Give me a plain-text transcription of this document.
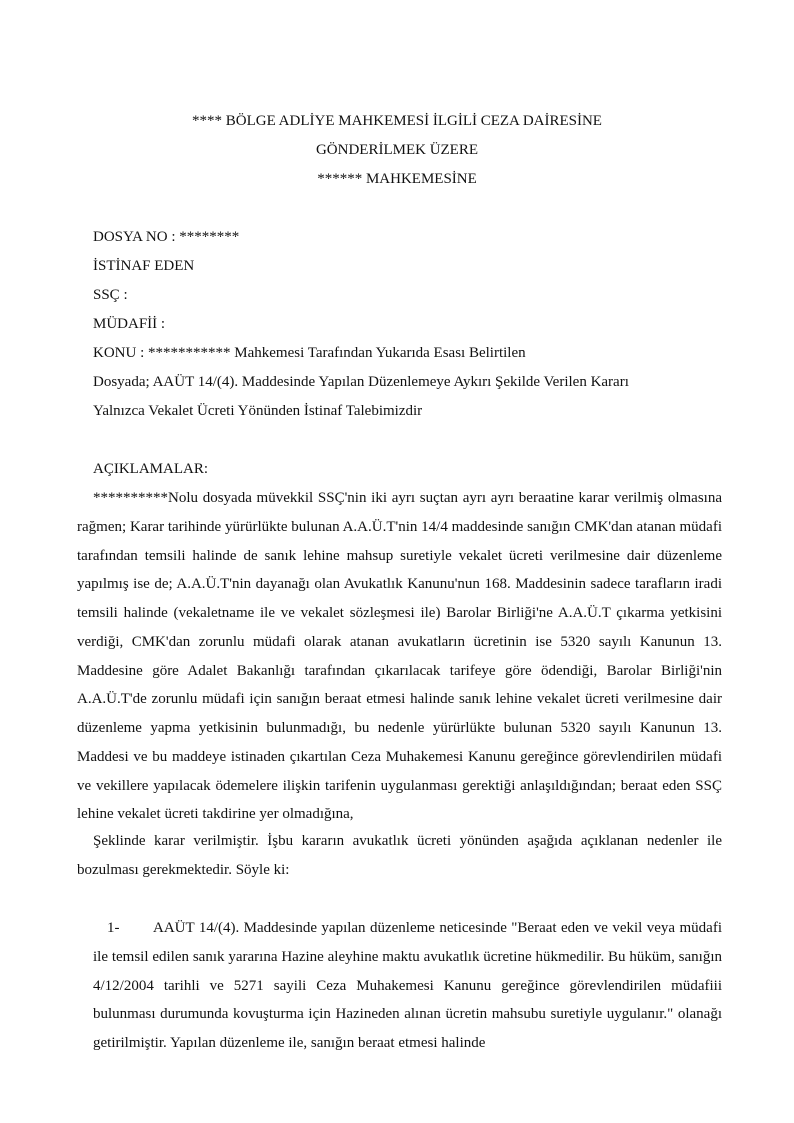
**** BÖLGE ADLİYE MAHKEMESİ İLGİLİ CEZA DAİRESİNE
GÖNDERİLMEK ÜZERE
****** MAHKEMESİNE
DOSYA NO : ********
İSTİNAF EDEN
SSÇ :
MÜDAFİİ :
KONU : *********** Mahkemesi Tarafından Yukarıda Esası Belirtilen
Dosyada; AAÜT 14/(4). Maddesinde Yapılan Düzenlemeye Aykırı Şekilde Verilen Kararı
Yalnızca Vekalet Ücreti Yönünden İstinaf Talebimizdir
AÇIKLAMALAR:

**********Nolu dosyada müvekkil SSÇ'nin iki ayrı suçtan ayrı ayrı beraatine karar verilmiş olmasına rağmen; Karar tarihinde yürürlükte bulunan A.A.Ü.T'nin 14/4 maddesinde sanığın CMK'dan atanan müdafi tarafından temsili halinde de sanık lehine mahsup suretiyle vekalet ücreti verilmesine dair düzenleme yapılmış ise de; A.A.Ü.T'nin dayanağı olan Avukatlık Kanunu'nun 168. Maddesinin sadece tarafların iradi temsili halinde (vekaletname ile ve vekalet sözleşmesi ile) Barolar Birliği'ne A.A.Ü.T çıkarma yetkisini verdiği, CMK'dan zorunlu müdafi olarak atanan avukatların ücretinin ise 5320 sayılı Kanunun 13. Maddesine göre Adalet Bakanlığı tarafından çıkarılacak tarifeye göre ödendiği, Barolar Birliği'nin A.A.Ü.T'de zorunlu müdafi için sanığın beraat etmesi halinde sanık lehine vekalet ücreti verilmesine dair düzenleme yapma yetkisinin bulunmadığı, bu nedenle yürürlükte bulunan 5320 sayılı Kanunun 13. Maddesi ve bu maddeye istinaden çıkartılan Ceza Muhakemesi Kanunu gereğince görevlendirilen müdafi ve vekillere yapılacak ödemelere ilişkin tarifenin uygulanması gerektiği anlaşıldığından; beraat eden SSÇ lehine vekalet ücreti takdirine yer olmadığına,

Şeklinde karar verilmiştir. İşbu kararın avukatlık ücreti yönünden aşağıda açıklanan nedenler ile bozulması gerekmektedir. Söyle ki:

1- AAÜT 14/(4). Maddesinde yapılan düzenleme neticesinde "Beraat eden ve vekil veya müdafi ile temsil edilen sanık yararına Hazine aleyhine maktu avukatlık ücretine hükmedilir. Bu hüküm, sanığın 4/12/2004 tarihli ve 5271 sayili Ceza Muhakemesi Kanunu gereğince görevlendirilen müdafiii bulunması durumunda kovuşturma için Hazineden alınan ücretin mahsubu suretiyle uygulanır." olanağı getirilmiştir. Yapılan düzenleme ile, sanığın beraat etmesi halinde
